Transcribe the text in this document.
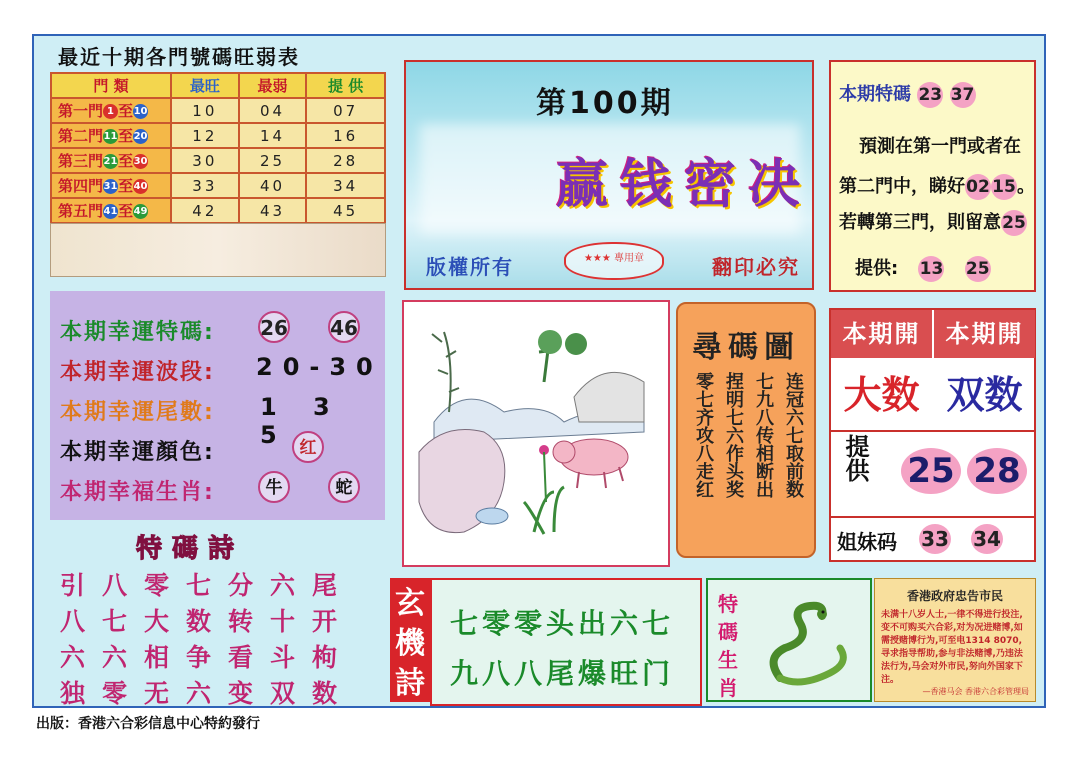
最近十期各門號碼旺弱表
門 類	最旺	最弱	提 供
第一門 1 至10	10	04	07
第二門11至20	12	14	16
第三門21至30	30	25	28
第四門31至40	33	40	34
第五門41至49	42	43	45
本期幸運特碼: 26 46
本期幸運波段: 20-30
本期幸運尾數: 1 3 5
本期幸運顏色:	红
本期幸福生肖:	牛	蛇
特碼詩
引八零七分六尾
八七大数转十开
六六相争看斗枸
独零无六变双数
第100期
赢钱密决
★★★ 專用章
版權所有	翻印必究
本期特碼 23 37
預測在第一門或者在
第二門中，睇好02 15。
若轉第三門，則留意25
提供: 13 25
尋碼圖
零七齐攻八走红 捏明七六作头奖 七九八传相断出 连冠六七取前数
本期開	本期開
大数 双数
提供 25 28
姐妹码 33 34
玄機詩
七零零头出六七
九八八尾爆旺门
特碼生肖
香港政府忠告市民
未满十八岁人士,一律不得进行投注,变不可购买六合彩,对为况进赌博,如需授赌博行为,可至电1314 8070,寻求指导帮助,参与非法赌博,乃违法法行为,马会对外市民,努向外国家下注。
—香港马会 香港六合彩管理局
出版：香港六合彩信息中心特約發行
